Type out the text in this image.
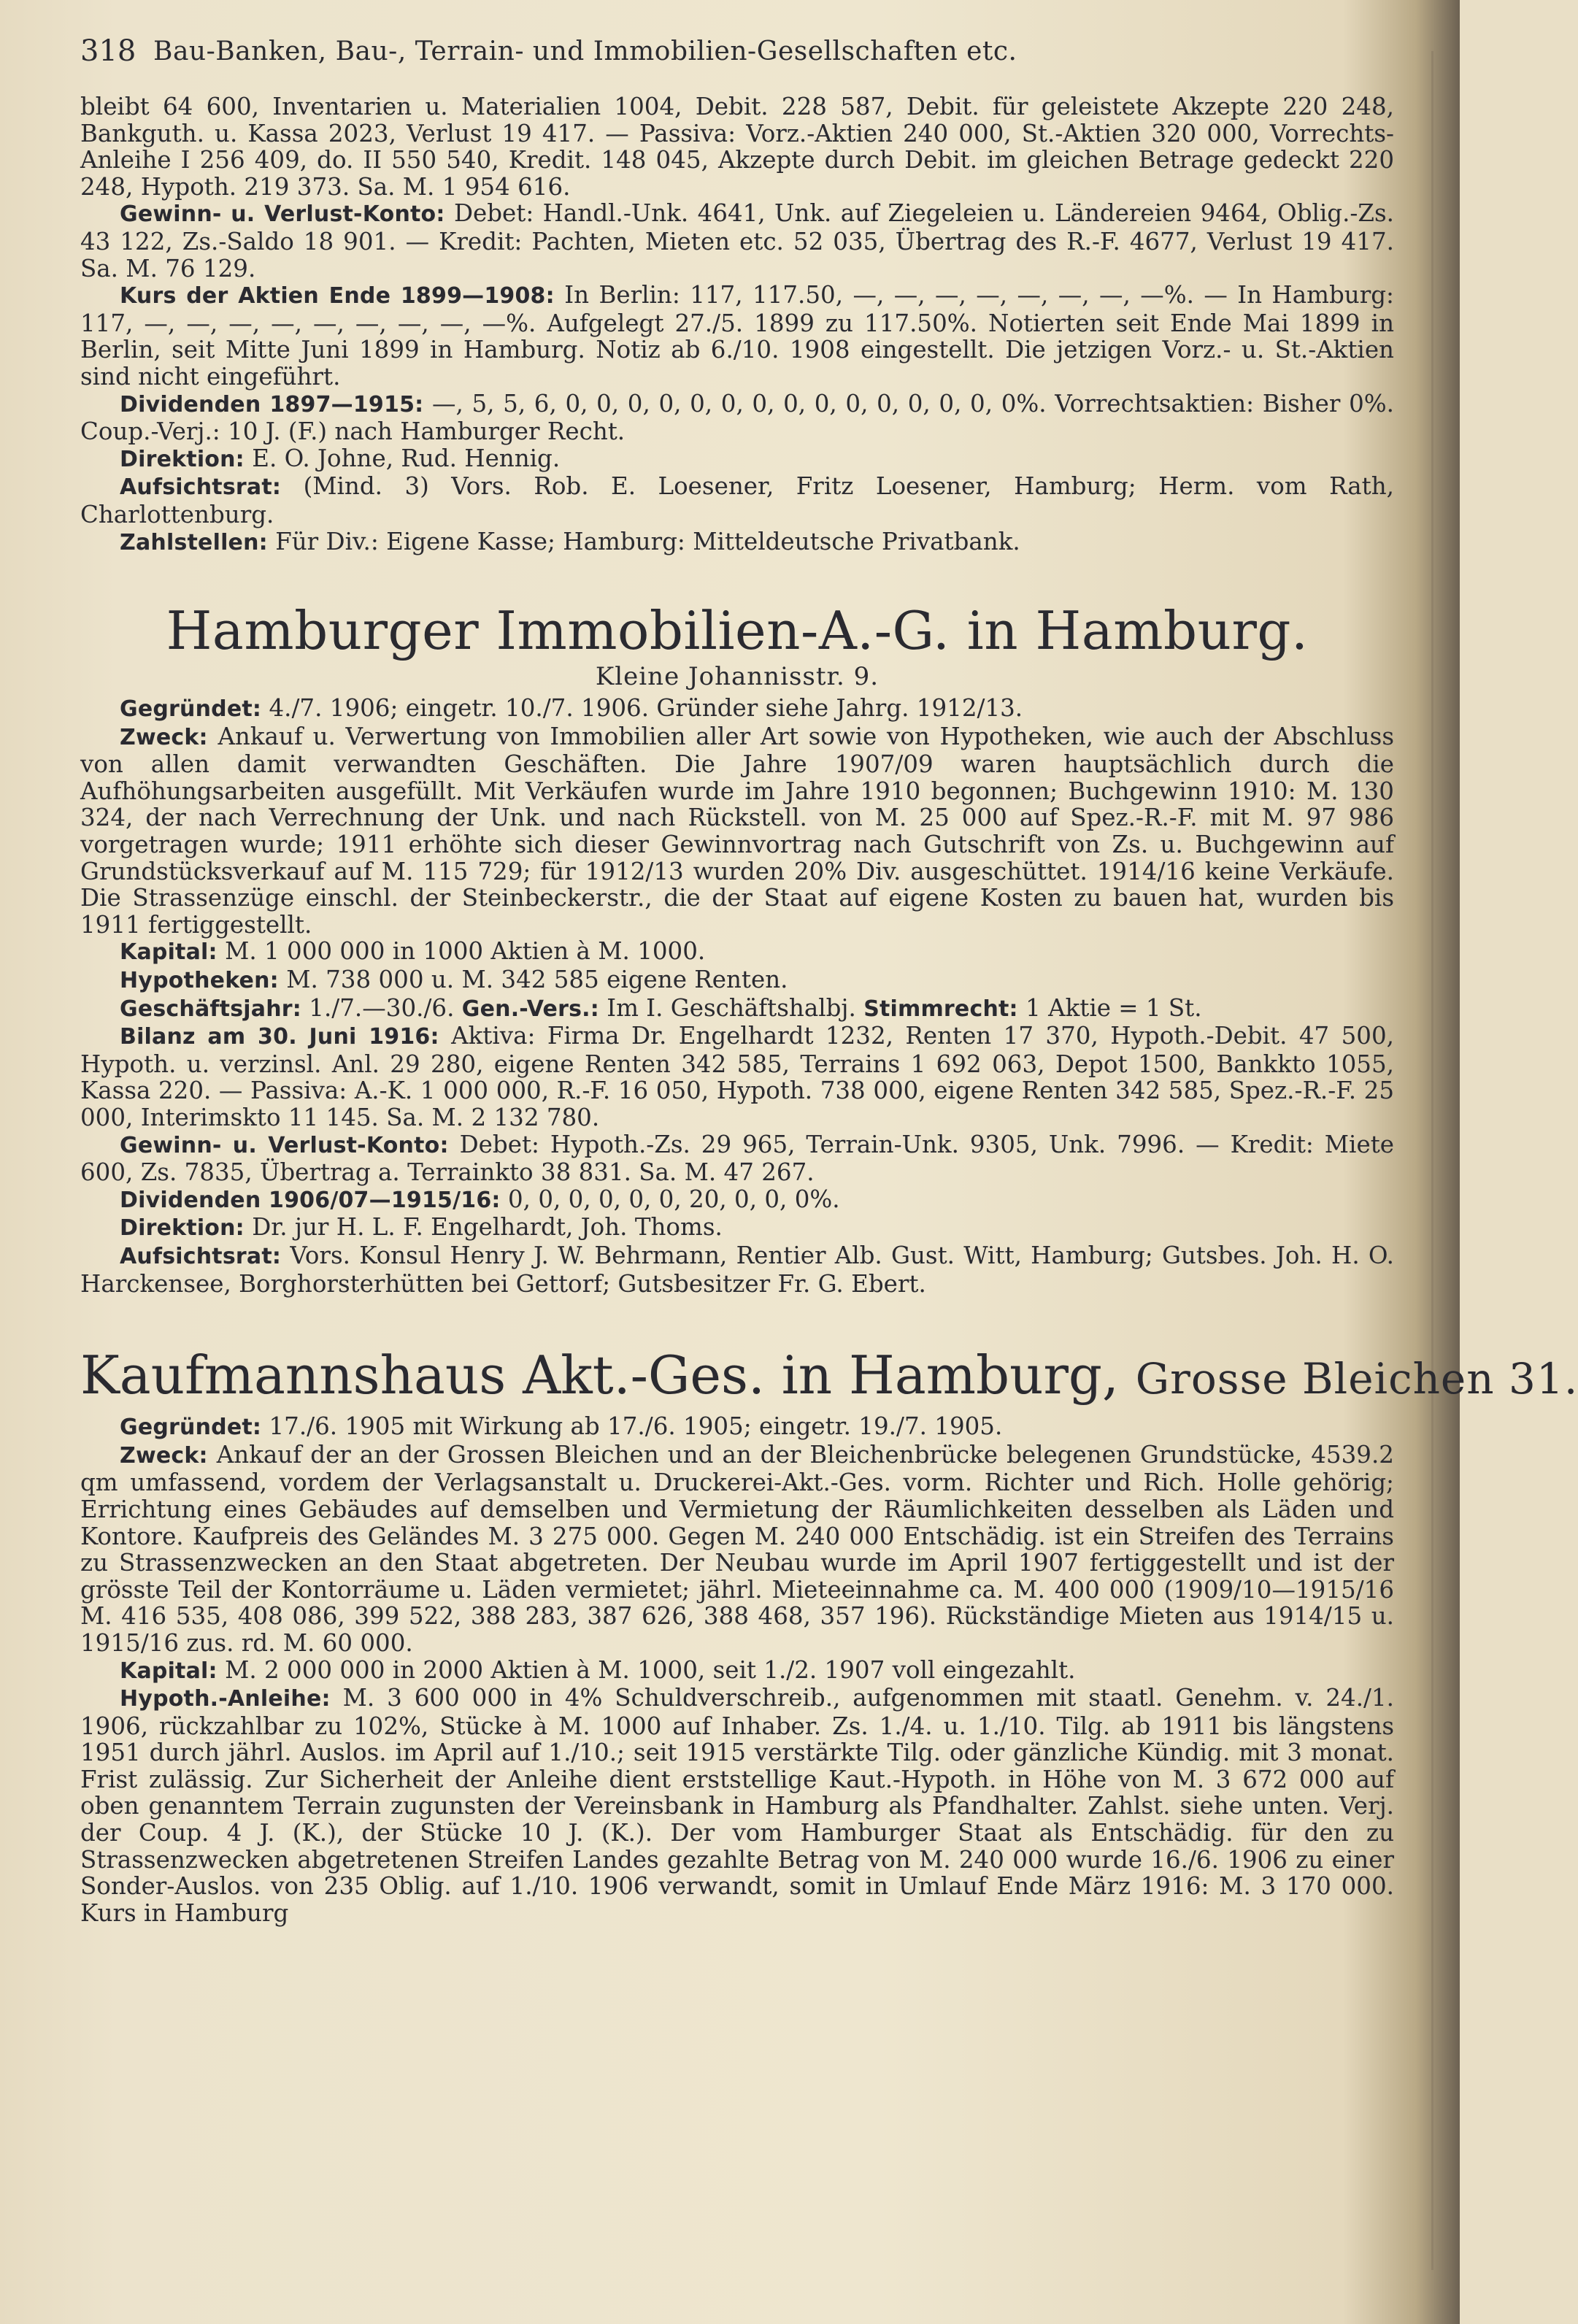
318 Bau-Banken, Bau-, Terrain- und Immobilien-Gesellschaften etc.

bleibt 64 600, Inventarien u. Materialien 1004, Debit. 228 587, Debit. für geleistete Akzepte 220 248, Bankguth. u. Kassa 2023, Verlust 19 417. — Passiva: Vorz.-Aktien 240 000, St.-Aktien 320 000, Vorrechts-Anleihe I 256 409, do. II 550 540, Kredit. 148 045, Akzepte durch Debit. im gleichen Betrage gedeckt 220 248, Hypoth. 219 373. Sa. M. 1 954 616.

Gewinn- u. Verlust-Konto: Debet: Handl.-Unk. 4641, Unk. auf Ziegeleien u. Ländereien 9464, Oblig.-Zs. 43 122, Zs.-Saldo 18 901. — Kredit: Pachten, Mieten etc. 52 035, Übertrag des R.-F. 4677, Verlust 19 417. Sa. M. 76 129.

Kurs der Aktien Ende 1899—1908: In Berlin: 117, 117.50, —, —, —, —, —, —, —, —%. — In Hamburg: 117, —, —, —, —, —, —, —, —, —%. Aufgelegt 27./5. 1899 zu 117.50%. Notierten seit Ende Mai 1899 in Berlin, seit Mitte Juni 1899 in Hamburg. Notiz ab 6./10. 1908 eingestellt. Die jetzigen Vorz.- u. St.-Aktien sind nicht eingeführt.

Dividenden 1897—1915: —, 5, 5, 6, 0, 0, 0, 0, 0, 0, 0, 0, 0, 0, 0, 0, 0, 0, 0%. Vorrechtsaktien: Bisher 0%. Coup.-Verj.: 10 J. (F.) nach Hamburger Recht.

Direktion: E. O. Johne, Rud. Hennig.

Aufsichtsrat: (Mind. 3) Vors. Rob. E. Loesener, Fritz Loesener, Hamburg; Herm. vom Rath, Charlottenburg.

Zahlstellen: Für Div.: Eigene Kasse; Hamburg: Mitteldeutsche Privatbank.

Hamburger Immobilien-A.-G. in Hamburg.
Kleine Johannisstr. 9.

Gegründet: 4./7. 1906; eingetr. 10./7. 1906. Gründer siehe Jahrg. 1912/13.

Zweck: Ankauf u. Verwertung von Immobilien aller Art sowie von Hypotheken, wie auch der Abschluss von allen damit verwandten Geschäften. Die Jahre 1907/09 waren hauptsächlich durch die Aufhöhungsarbeiten ausgefüllt. Mit Verkäufen wurde im Jahre 1910 begonnen; Buchgewinn 1910: M. 130 324, der nach Verrechnung der Unk. und nach Rückstell. von M. 25 000 auf Spez.-R.-F. mit M. 97 986 vorgetragen wurde; 1911 erhöhte sich dieser Gewinnvortrag nach Gutschrift von Zs. u. Buchgewinn auf Grundstücksverkauf auf M. 115 729; für 1912/13 wurden 20% Div. ausgeschüttet. 1914/16 keine Verkäufe. Die Strassenzüge einschl. der Steinbeckerstr., die der Staat auf eigene Kosten zu bauen hat, wurden bis 1911 fertiggestellt.

Kapital: M. 1 000 000 in 1000 Aktien à M. 1000.

Hypotheken: M. 738 000 u. M. 342 585 eigene Renten.

Geschäftsjahr: 1./7.—30./6. Gen.-Vers.: Im I. Geschäftshalbj. Stimmrecht: 1 Aktie = 1 St.

Bilanz am 30. Juni 1916: Aktiva: Firma Dr. Engelhardt 1232, Renten 17 370, Hypoth.-Debit. 47 500, Hypoth. u. verzinsl. Anl. 29 280, eigene Renten 342 585, Terrains 1 692 063, Depot 1500, Bankkto 1055, Kassa 220. — Passiva: A.-K. 1 000 000, R.-F. 16 050, Hypoth. 738 000, eigene Renten 342 585, Spez.-R.-F. 25 000, Interimskto 11 145. Sa. M. 2 132 780.

Gewinn- u. Verlust-Konto: Debet: Hypoth.-Zs. 29 965, Terrain-Unk. 9305, Unk. 7996. — Kredit: Miete 600, Zs. 7835, Übertrag a. Terrainkto 38 831. Sa. M. 47 267.

Dividenden 1906/07—1915/16: 0, 0, 0, 0, 0, 0, 20, 0, 0, 0%.

Direktion: Dr. jur H. L. F. Engelhardt, Joh. Thoms.

Aufsichtsrat: Vors. Konsul Henry J. W. Behrmann, Rentier Alb. Gust. Witt, Hamburg; Gutsbes. Joh. H. O. Harckensee, Borghorsterhütten bei Gettorf; Gutsbesitzer Fr. G. Ebert.

Kaufmannshaus Akt.-Ges. in Hamburg, Grosse Bleichen 31.

Gegründet: 17./6. 1905 mit Wirkung ab 17./6. 1905; eingetr. 19./7. 1905.

Zweck: Ankauf der an der Grossen Bleichen und an der Bleichenbrücke belegenen Grundstücke, 4539.2 qm umfassend, vordem der Verlagsanstalt u. Druckerei-Akt.-Ges. vorm. Richter und Rich. Holle gehörig; Errichtung eines Gebäudes auf demselben und Vermietung der Räumlichkeiten desselben als Läden und Kontore. Kaufpreis des Geländes M. 3 275 000. Gegen M. 240 000 Entschädig. ist ein Streifen des Terrains zu Strassenzwecken an den Staat abgetreten. Der Neubau wurde im April 1907 fertiggestellt und ist der grösste Teil der Kontorräume u. Läden vermietet; jährl. Mieteeinnahme ca. M. 400 000 (1909/10—1915/16 M. 416 535, 408 086, 399 522, 388 283, 387 626, 388 468, 357 196). Rückständige Mieten aus 1914/15 u. 1915/16 zus. rd. M. 60 000.

Kapital: M. 2 000 000 in 2000 Aktien à M. 1000, seit 1./2. 1907 voll eingezahlt.

Hypoth.-Anleihe: M. 3 600 000 in 4% Schuldverschreib., aufgenommen mit staatl. Genehm. v. 24./1. 1906, rückzahlbar zu 102%, Stücke à M. 1000 auf Inhaber. Zs. 1./4. u. 1./10. Tilg. ab 1911 bis längstens 1951 durch jährl. Auslos. im April auf 1./10.; seit 1915 verstärkte Tilg. oder gänzliche Kündig. mit 3 monat. Frist zulässig. Zur Sicherheit der Anleihe dient erststellige Kaut.-Hypoth. in Höhe von M. 3 672 000 auf oben genanntem Terrain zugunsten der Vereinsbank in Hamburg als Pfandhalter. Zahlst. siehe unten. Verj. der Coup. 4 J. (K.), der Stücke 10 J. (K.). Der vom Hamburger Staat als Entschädig. für den zu Strassenzwecken abgetretenen Streifen Landes gezahlte Betrag von M. 240 000 wurde 16./6. 1906 zu einer Sonder-Auslos. von 235 Oblig. auf 1./10. 1906 verwandt, somit in Umlauf Ende März 1916: M. 3 170 000. Kurs in Hamburg
